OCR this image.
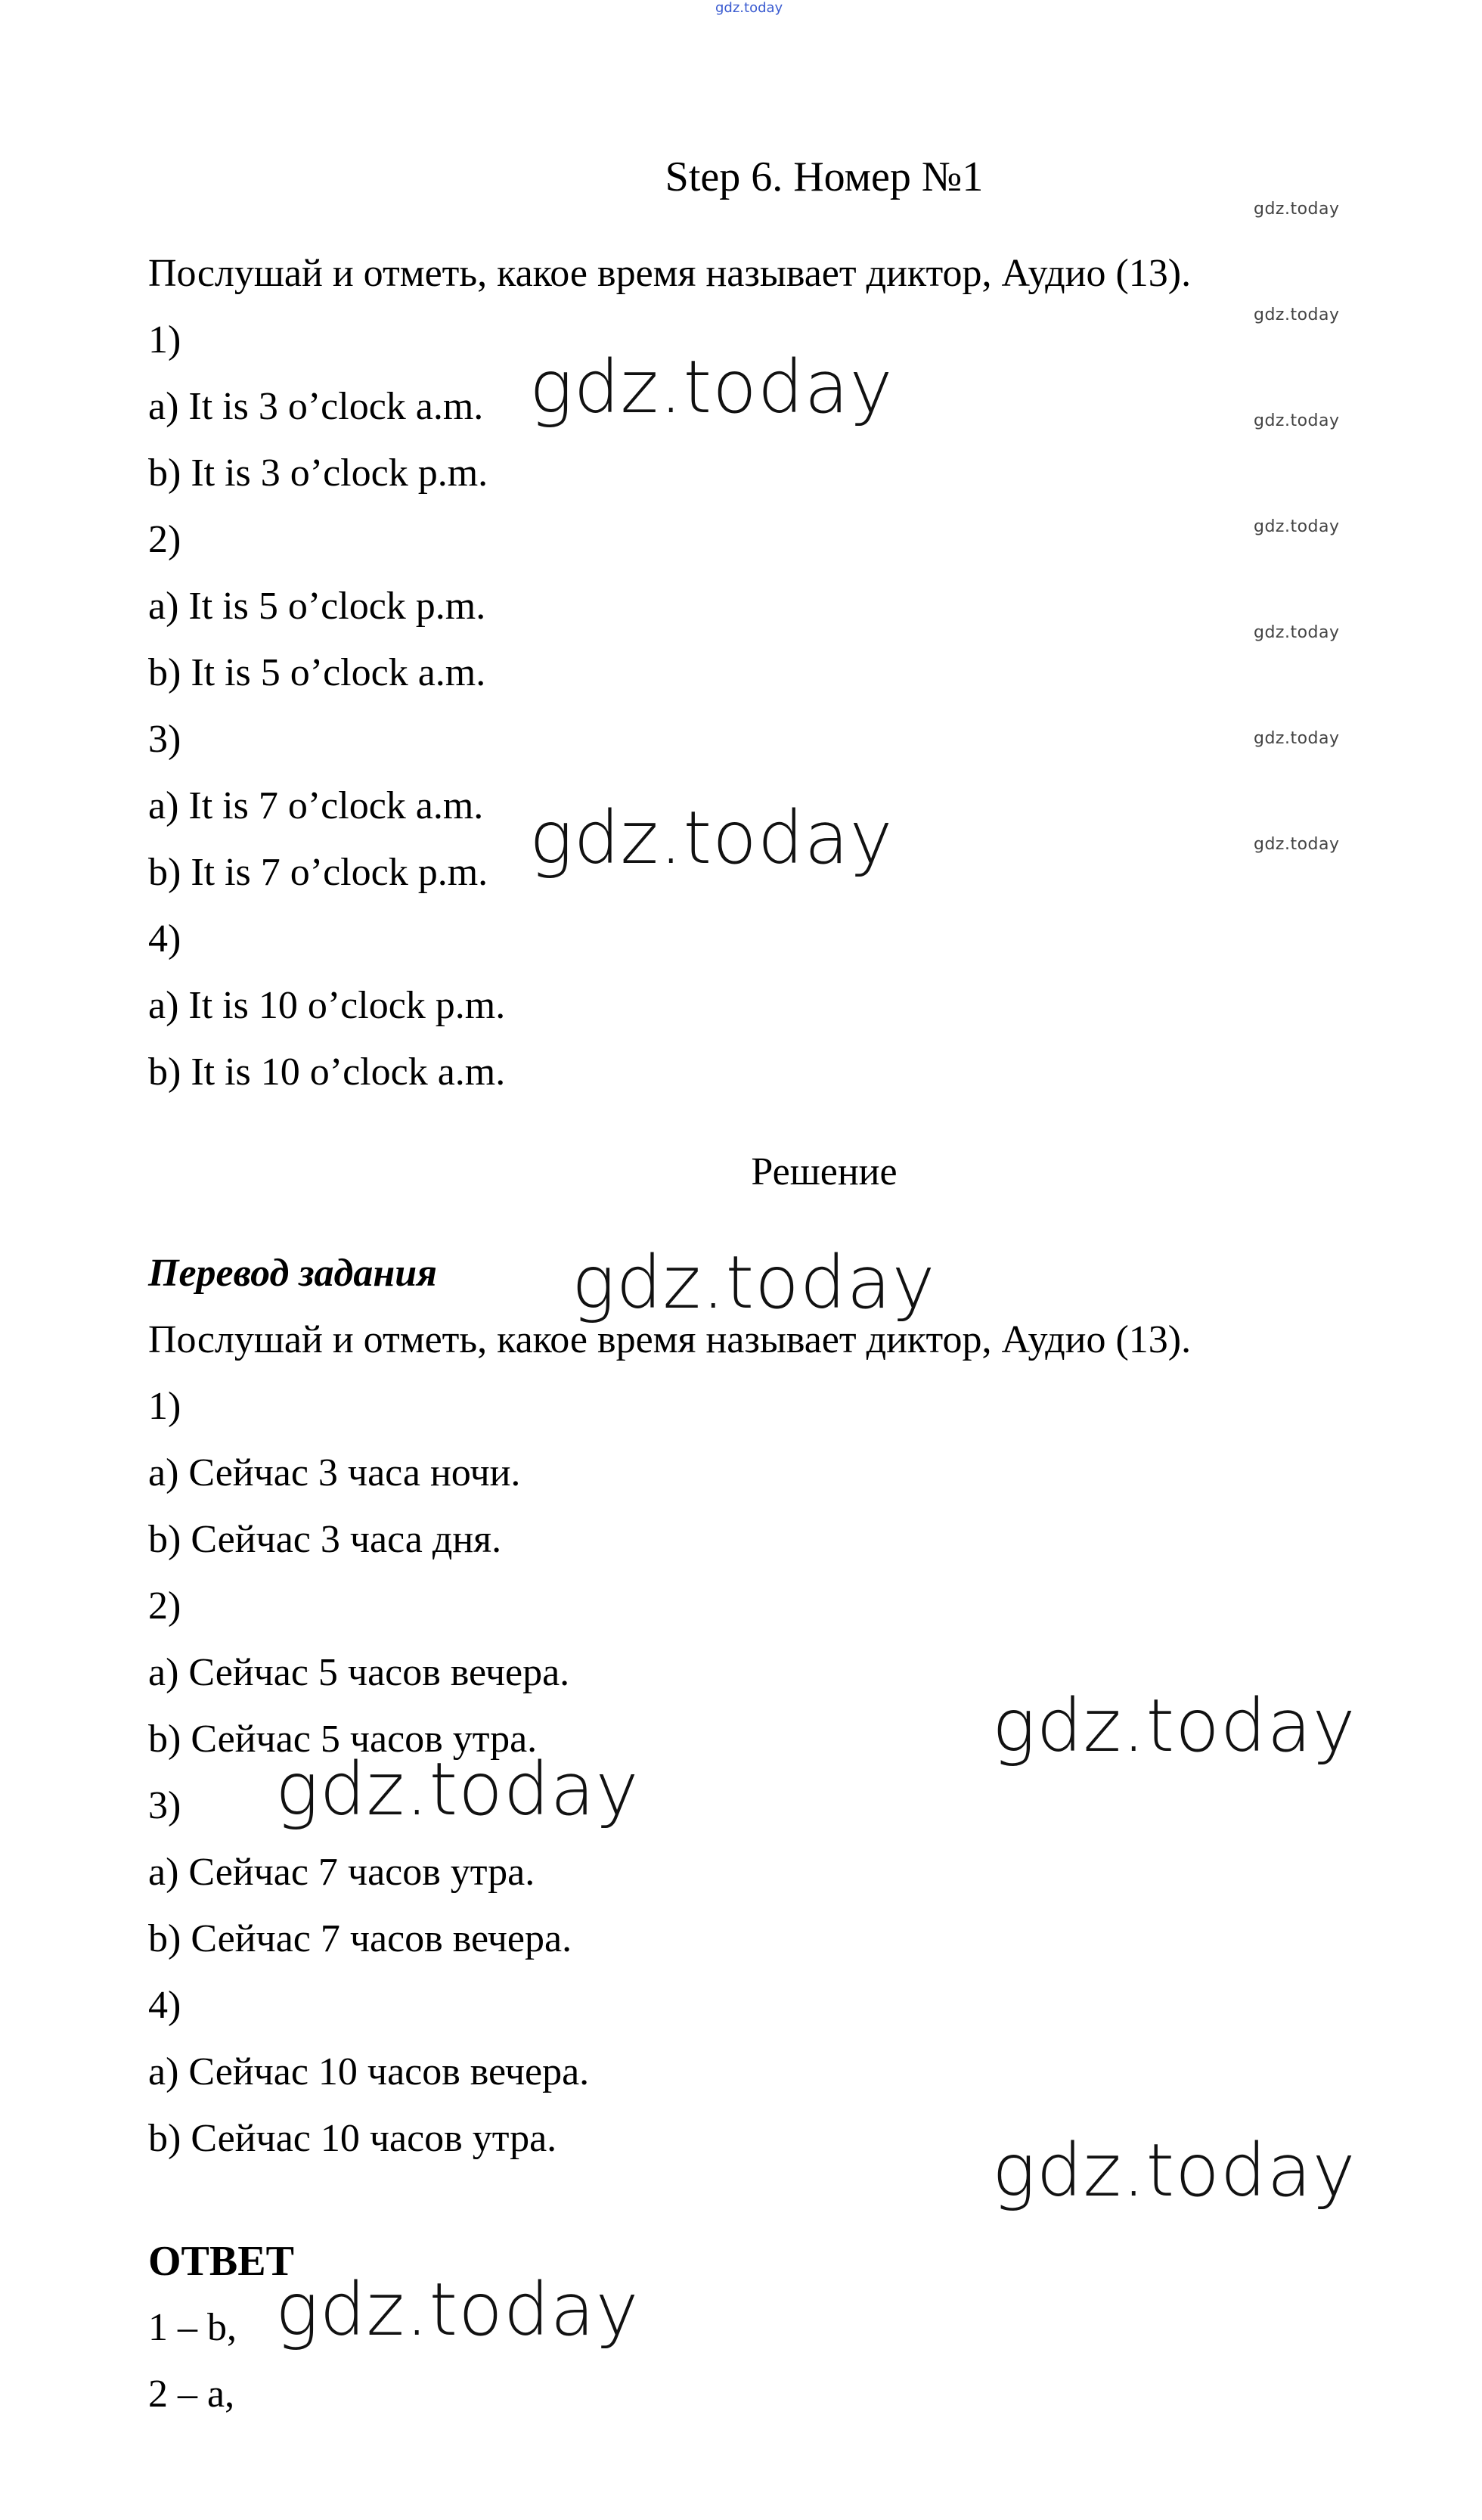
gdz.today
Step 6. Номер №1
Послушай и отметь, какое время называет диктор, Аудио (13).
1)
a) It is 3 o’clock a.m.
b) It is 3 o’clock p.m.
2)
a) It is 5 o’clock p.m.
b) It is 5 o’clock a.m.
3)
a) It is 7 o’clock a.m.
b) It is 7 o’clock p.m.
4)
a) It is 10 o’clock p.m.
b) It is 10 o’clock a.m.
Решение
Перевод задания
Послушай и отметь, какое время называет диктор, Аудио (13).
1)
a) Сейчас 3 часа ночи.
b) Сейчас 3 часа дня.
2)
a) Сейчас 5 часов вечера.
b) Сейчас 5 часов утра.
3)
a) Сейчас 7 часов утра.
b) Сейчас 7 часов вечера.
4)
a) Сейчас 10 часов вечера.
b) Сейчас 10 часов утра.
ОТВЕТ
1 – b,
2 – a,
gdz.today
gdz.today
gdz.today
gdz.today
gdz.today
gdz.today
gdz.today
gdz.today
gdz.today
gdz.today
gdz.today
gdz.today
gdz.today
gdz.today
